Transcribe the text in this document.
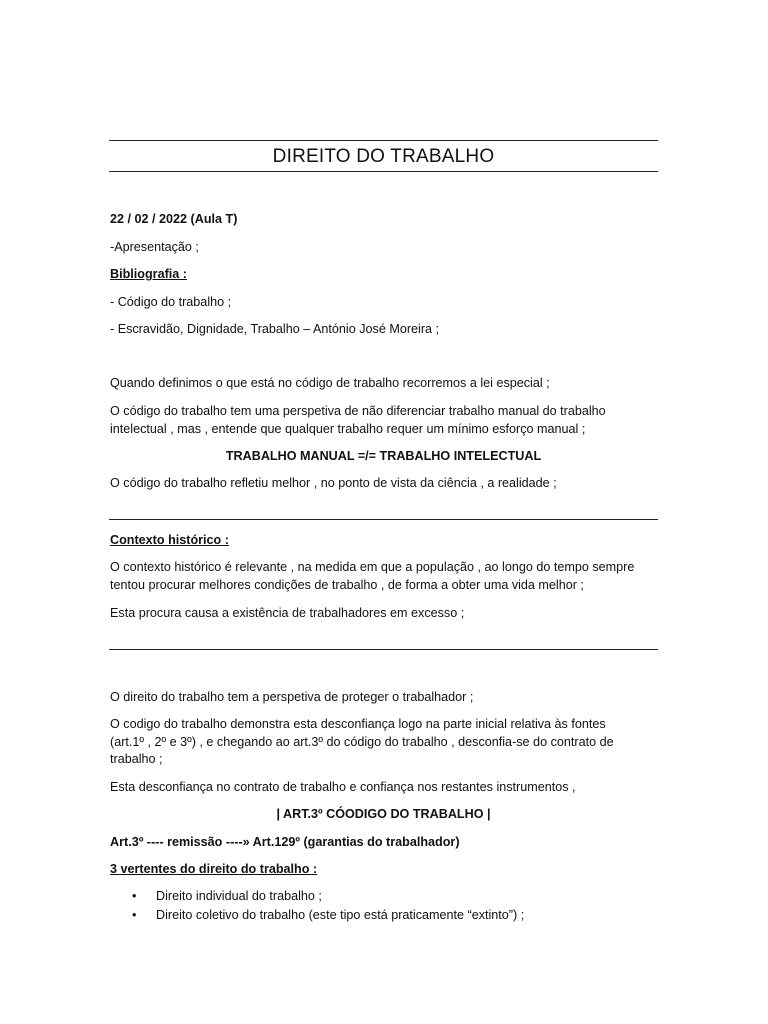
DIREITO DO TRABALHO
22 / 02 / 2022 (Aula T)
-Apresentação ;
Bibliografia :
- Código do trabalho ;
- Escravidão, Dignidade, Trabalho – António José Moreira ;
Quando definimos o que está no código de trabalho recorremos a lei especial ;
O código do trabalho tem uma perspetiva de não diferenciar trabalho manual do trabalho
intelectual , mas , entende que qualquer trabalho requer um mínimo esforço manual ;
TRABALHO MANUAL =/= TRABALHO INTELECTUAL
O código do trabalho refletiu melhor , no ponto de vista da ciência , a realidade ;
Contexto histórico :
O contexto histórico é relevante , na medida em que a população , ao longo do tempo sempre
tentou procurar melhores condições de trabalho , de forma a obter uma vida melhor ;
Esta procura causa a existência de trabalhadores em excesso ;
O direito do trabalho tem a perspetiva de proteger o trabalhador ;
O codigo do trabalho demonstra esta desconfiança logo na parte inicial relativa às fontes
(art.1º , 2º e 3º) , e chegando ao art.3º do código do trabalho , desconfia-se do contrato de
trabalho ;
Esta desconfiança no contrato de trabalho e confiança nos restantes instrumentos ,
| ART.3º CÓODIGO DO TRABALHO |
Art.3º ---- remissão ----» Art.129º (garantias do trabalhador)
3 vertentes do direito do trabalho :
• Direito individual do trabalho ;
• Direito coletivo do trabalho (este tipo está praticamente “extinto”) ;
